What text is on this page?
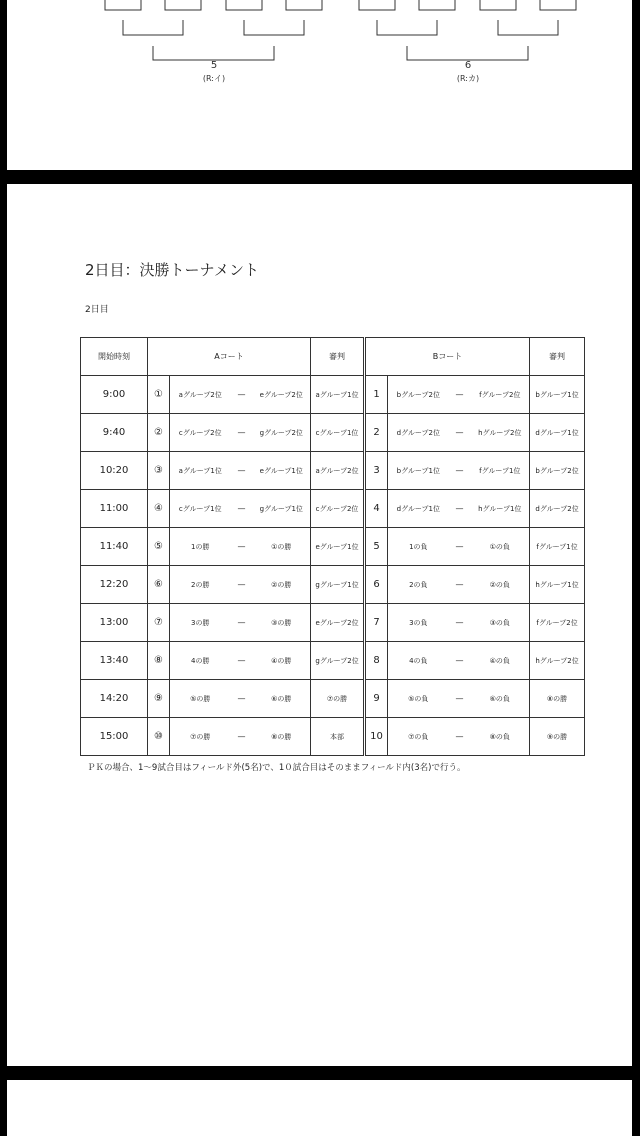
5
(R:イ)
6
(R:カ)
2日目：決勝トーナメント
2日目
開始時刻	Aコート				審判	Bコート				審判
9:00	①	aグループ2位	—	eグループ2位	aグループ1位	1	bグループ2位	—	fグループ2位	bグループ1位
9:40	②	cグループ2位	—	gグループ2位	cグループ1位	2	dグループ2位	—	hグループ2位	dグループ1位
10:20	③	aグループ1位	—	eグループ1位	aグループ2位	3	bグループ1位	—	fグループ1位	bグループ2位
11:00	④	cグループ1位	—	gグループ1位	cグループ2位	4	dグループ1位	—	hグループ1位	dグループ2位
11:40	⑤	1の勝	—	①の勝	eグループ1位	5	1の負	—	①の負	fグループ1位
12:20	⑥	2の勝	—	②の勝	gグループ1位	6	2の負	—	②の負	hグループ1位
13:00	⑦	3の勝	—	③の勝	eグループ2位	7	3の負	—	③の負	fグループ2位
13:40	⑧	4の勝	—	④の勝	gグループ2位	8	4の負	—	④の負	hグループ2位
14:20	⑨	⑤の勝	—	⑥の勝	⑦の勝	9	⑤の負	—	⑥の負	⑧の勝
15:00	⑩	⑦の勝	—	⑧の勝	本部	10	⑦の負	—	⑧の負	⑨の勝
ＰＫの場合、1～9試合目はフィールド外(5名)で、1０試合目はそのままフィールド内(3名)で行う。
